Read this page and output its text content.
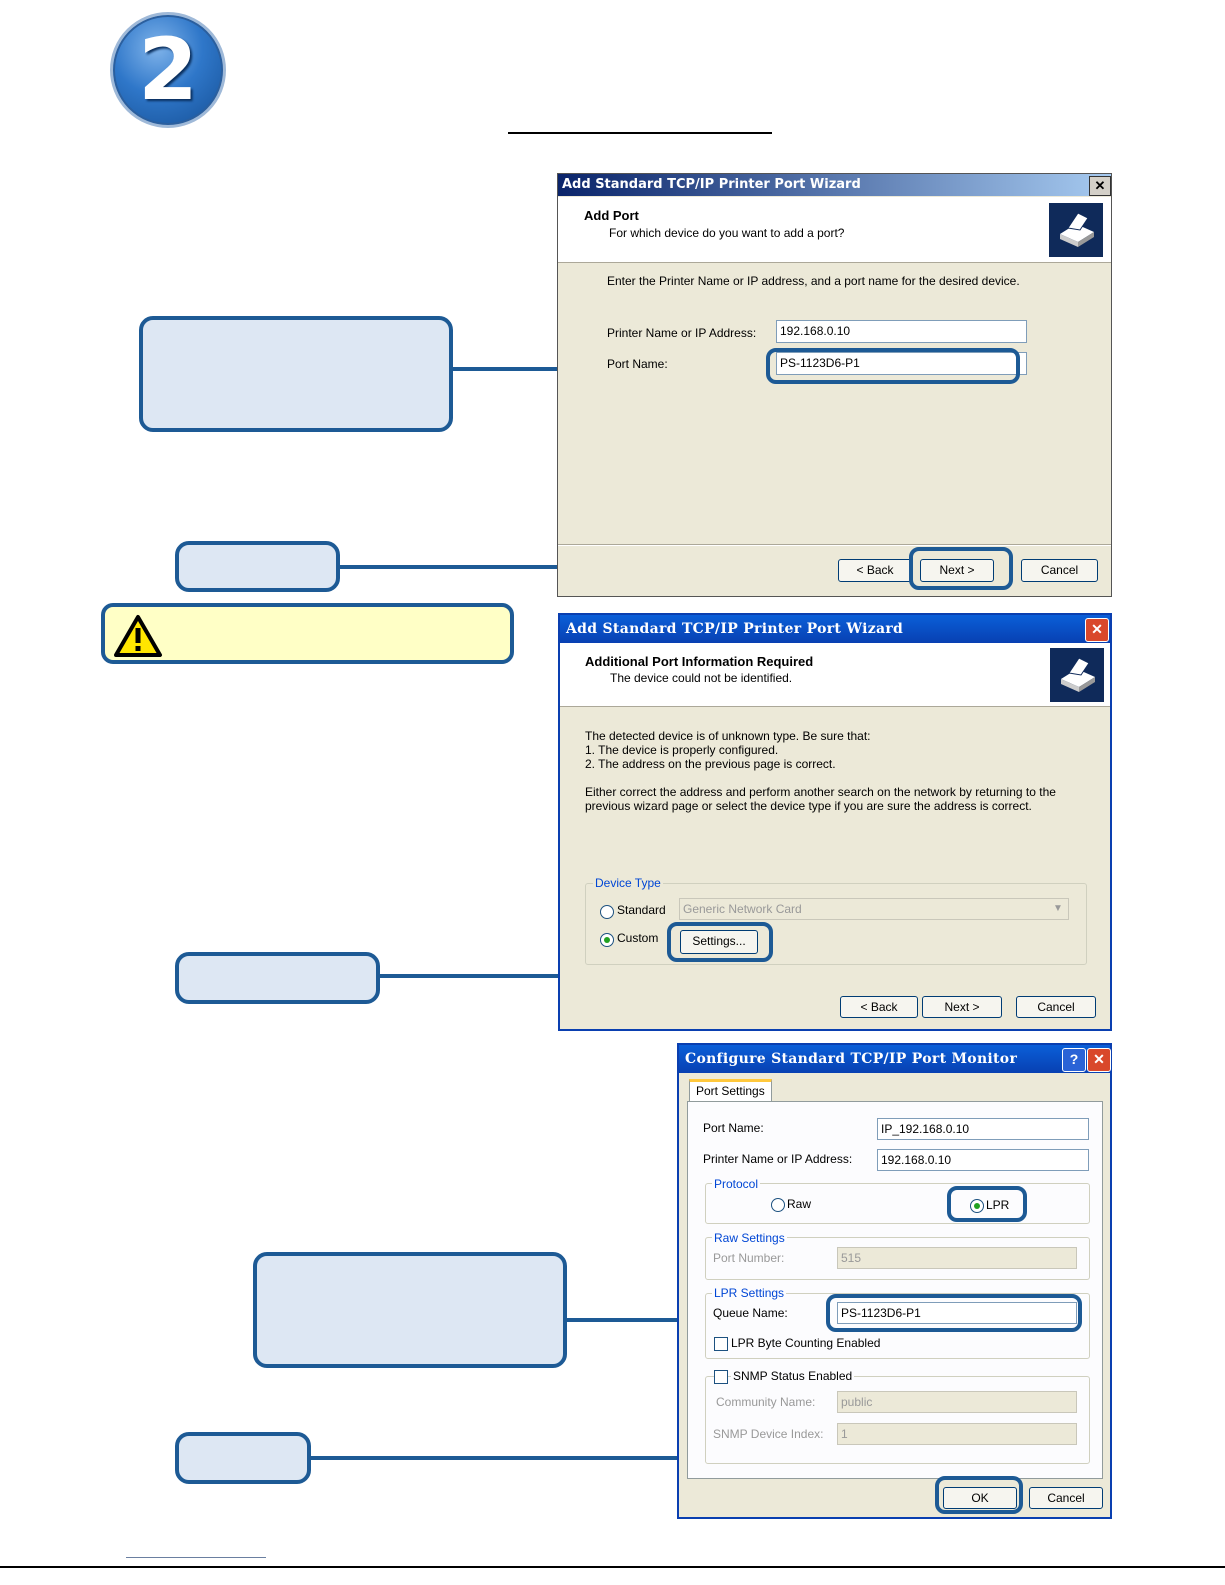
2
Add Standard TCP/IP Printer Port Wizard	✕
Add Port
For which device do you want to add a port?
Enter the Printer Name or IP address, and a port name for the desired device.
Printer Name or IP Address:	192.168.0.10
Port Name:	PS-1123D6-P1
< Back	Next >	Cancel
Add Standard TCP/IP Printer Port Wizard	✕
Additional Port Information Required
The device could not be identified.
The detected device is of unknown type. Be sure that:
1. The device is properly configured.
2. The address on the previous page is correct.
Either correct the address and perform another search on the network by returning to the
previous wizard page or select the device type if you are sure the address is correct.
Device Type
Standard	Generic Network Card	▼
Custom	Settings...
< Back	Next >	Cancel
Configure Standard TCP/IP Port Monitor	?	✕
Port Settings
Port Name:	IP_192.168.0.10
Printer Name or IP Address:	192.168.0.10
Protocol
Raw	LPR
Raw Settings
Port Number:	515
LPR Settings
Queue Name:	PS-1123D6-P1
LPR Byte Counting Enabled
SNMP Status Enabled
Community Name:	public
SNMP Device Index:	1
OK	Cancel
